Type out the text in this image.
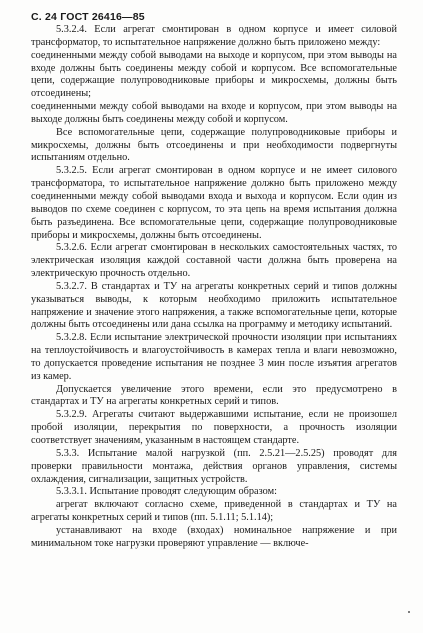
С. 24 ГОСТ 26416—85

5.3.2.4. Если агрегат смонтирован в одном корпусе и имеет силовой трансформатор, то испытательное напряжение должно быть приложено между:

соединенными между собой выводами на выходе и корпусом, при этом выводы на входе должны быть соединены между собой и корпусом. Все вспомогательные цепи, содержащие полупроводниковые приборы и микросхемы, должны быть отсоединены;

соединенными между собой выводами на входе и корпусом, при этом выводы на выходе должны быть соединены между собой и корпусом.

Все вспомогательные цепи, содержащие полупроводниковые приборы и микросхемы, должны быть отсоединены и при необходимости подвергнуты испытаниям отдельно.

5.3.2.5. Если агрегат смонтирован в одном корпусе и не имеет силового трансформатора, то испытательное напряжение должно быть приложено между соединенными между собой выводами входа и выхода и корпусом. Если один из выводов по схеме соединен с корпусом, то эта цепь на время испытания должна быть разъединена. Все вспомогательные цепи, содержащие полупроводниковые приборы и микросхемы, должны быть отсоединены.

5.3.2.6. Если агрегат смонтирован в нескольких самостоятельных частях, то электрическая изоляция каждой составной части должна быть проверена на электрическую прочность отдельно.

5.3.2.7. В стандартах и ТУ на агрегаты конкретных серий и типов должны указываться выводы, к которым необходимо приложить испытательное напряжение и значение этого напряжения, а также вспомогательные цепи, которые должны быть отсоединены или дана ссылка на программу и методику испытаний.

5.3.2.8. Если испытание электрической прочности изоляции при испытаниях на теплоустойчивость и влагоустойчивость в камерах тепла и влаги невозможно, то допускается проведение испытания не позднее 3 мин после изъятия агрегатов из камер.

Допускается увеличение этого времени, если это предусмотрено в стандартах и ТУ на агрегаты конкретных серий и типов.

5.3.2.9. Агрегаты считают выдержавшими испытание, если не произошел пробой изоляции, перекрытия по поверхности, а прочность изоляции соответствует значениям, указанным в настоящем стандарте.

5.3.3. Испытание малой нагрузкой (пп. 2.5.21—2.5.25) проводят для проверки правильности монтажа, действия органов управления, системы охлаждения, сигнализации, защитных устройств.

5.3.3.1. Испытание проводят следующим образом:

агрегат включают согласно схеме, приведенной в стандартах и ТУ на агрегаты конкретных серий и типов (пп. 5.1.11; 5.1.14);

устанавливают на входе (входах) номинальное напряжение и при минимальном токе нагрузки проверяют управление — включе-
